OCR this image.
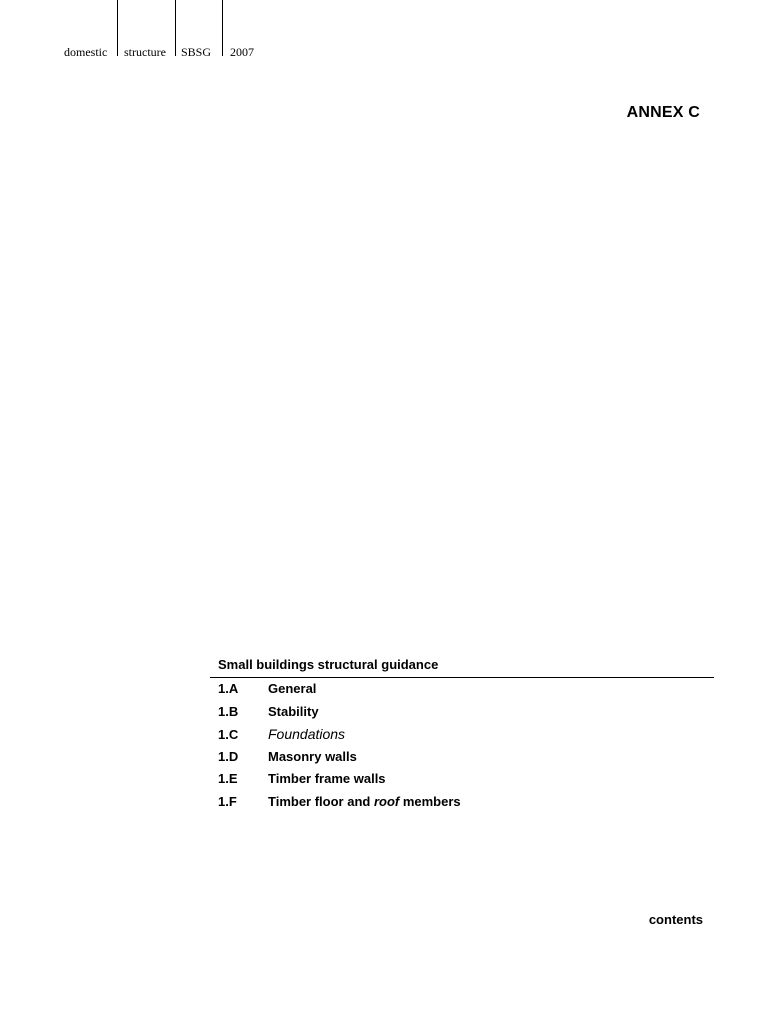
domestic structure SBSG 2007
ANNEX C
Small buildings structural guidance
1.A	General
1.B	Stability
1.C	Foundations
1.D	Masonry walls
1.E	Timber frame walls
1.F	Timber floor and roof members
contents
